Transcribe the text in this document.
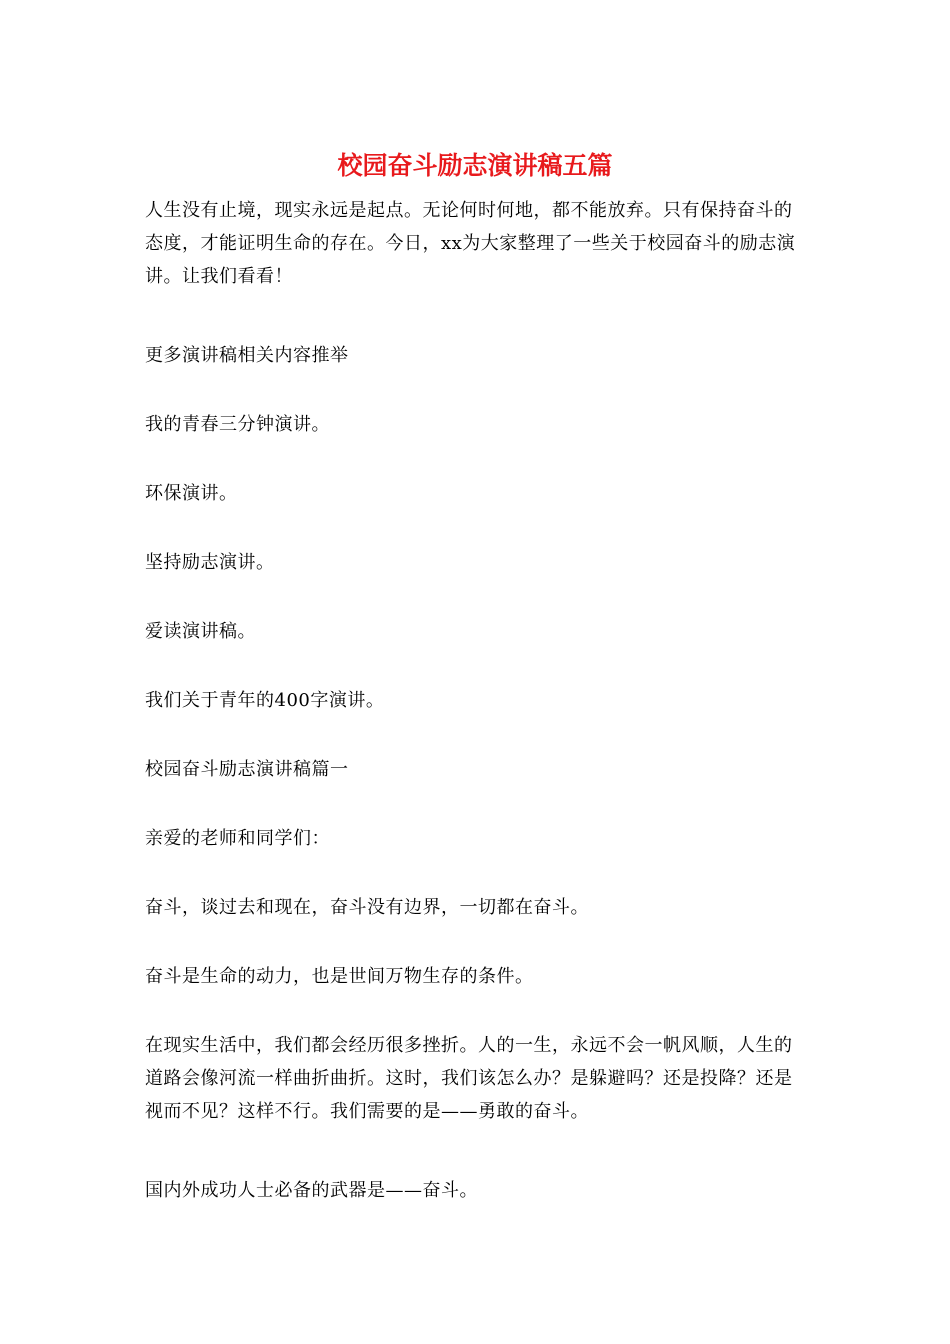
校园奋斗励志演讲稿五篇

人生没有止境，现实永远是起点。无论何时何地，都不能放弃。只有保持奋斗的态度，才能证明生命的存在。今日，xx为大家整理了一些关于校园奋斗的励志演讲。让我们看看！

更多演讲稿相关内容推举

我的青春三分钟演讲。

环保演讲。

坚持励志演讲。

爱读演讲稿。

我们关于青年的400字演讲。

校园奋斗励志演讲稿篇一

亲爱的老师和同学们：

奋斗，谈过去和现在，奋斗没有边界，一切都在奋斗。

奋斗是生命的动力，也是世间万物生存的条件。

在现实生活中，我们都会经历很多挫折。人的一生，永远不会一帆风顺，人生的道路会像河流一样曲折曲折。这时，我们该怎么办？是躲避吗？还是投降？还是视而不见？这样不行。我们需要的是——勇敢的奋斗。

国内外成功人士必备的武器是——奋斗。
